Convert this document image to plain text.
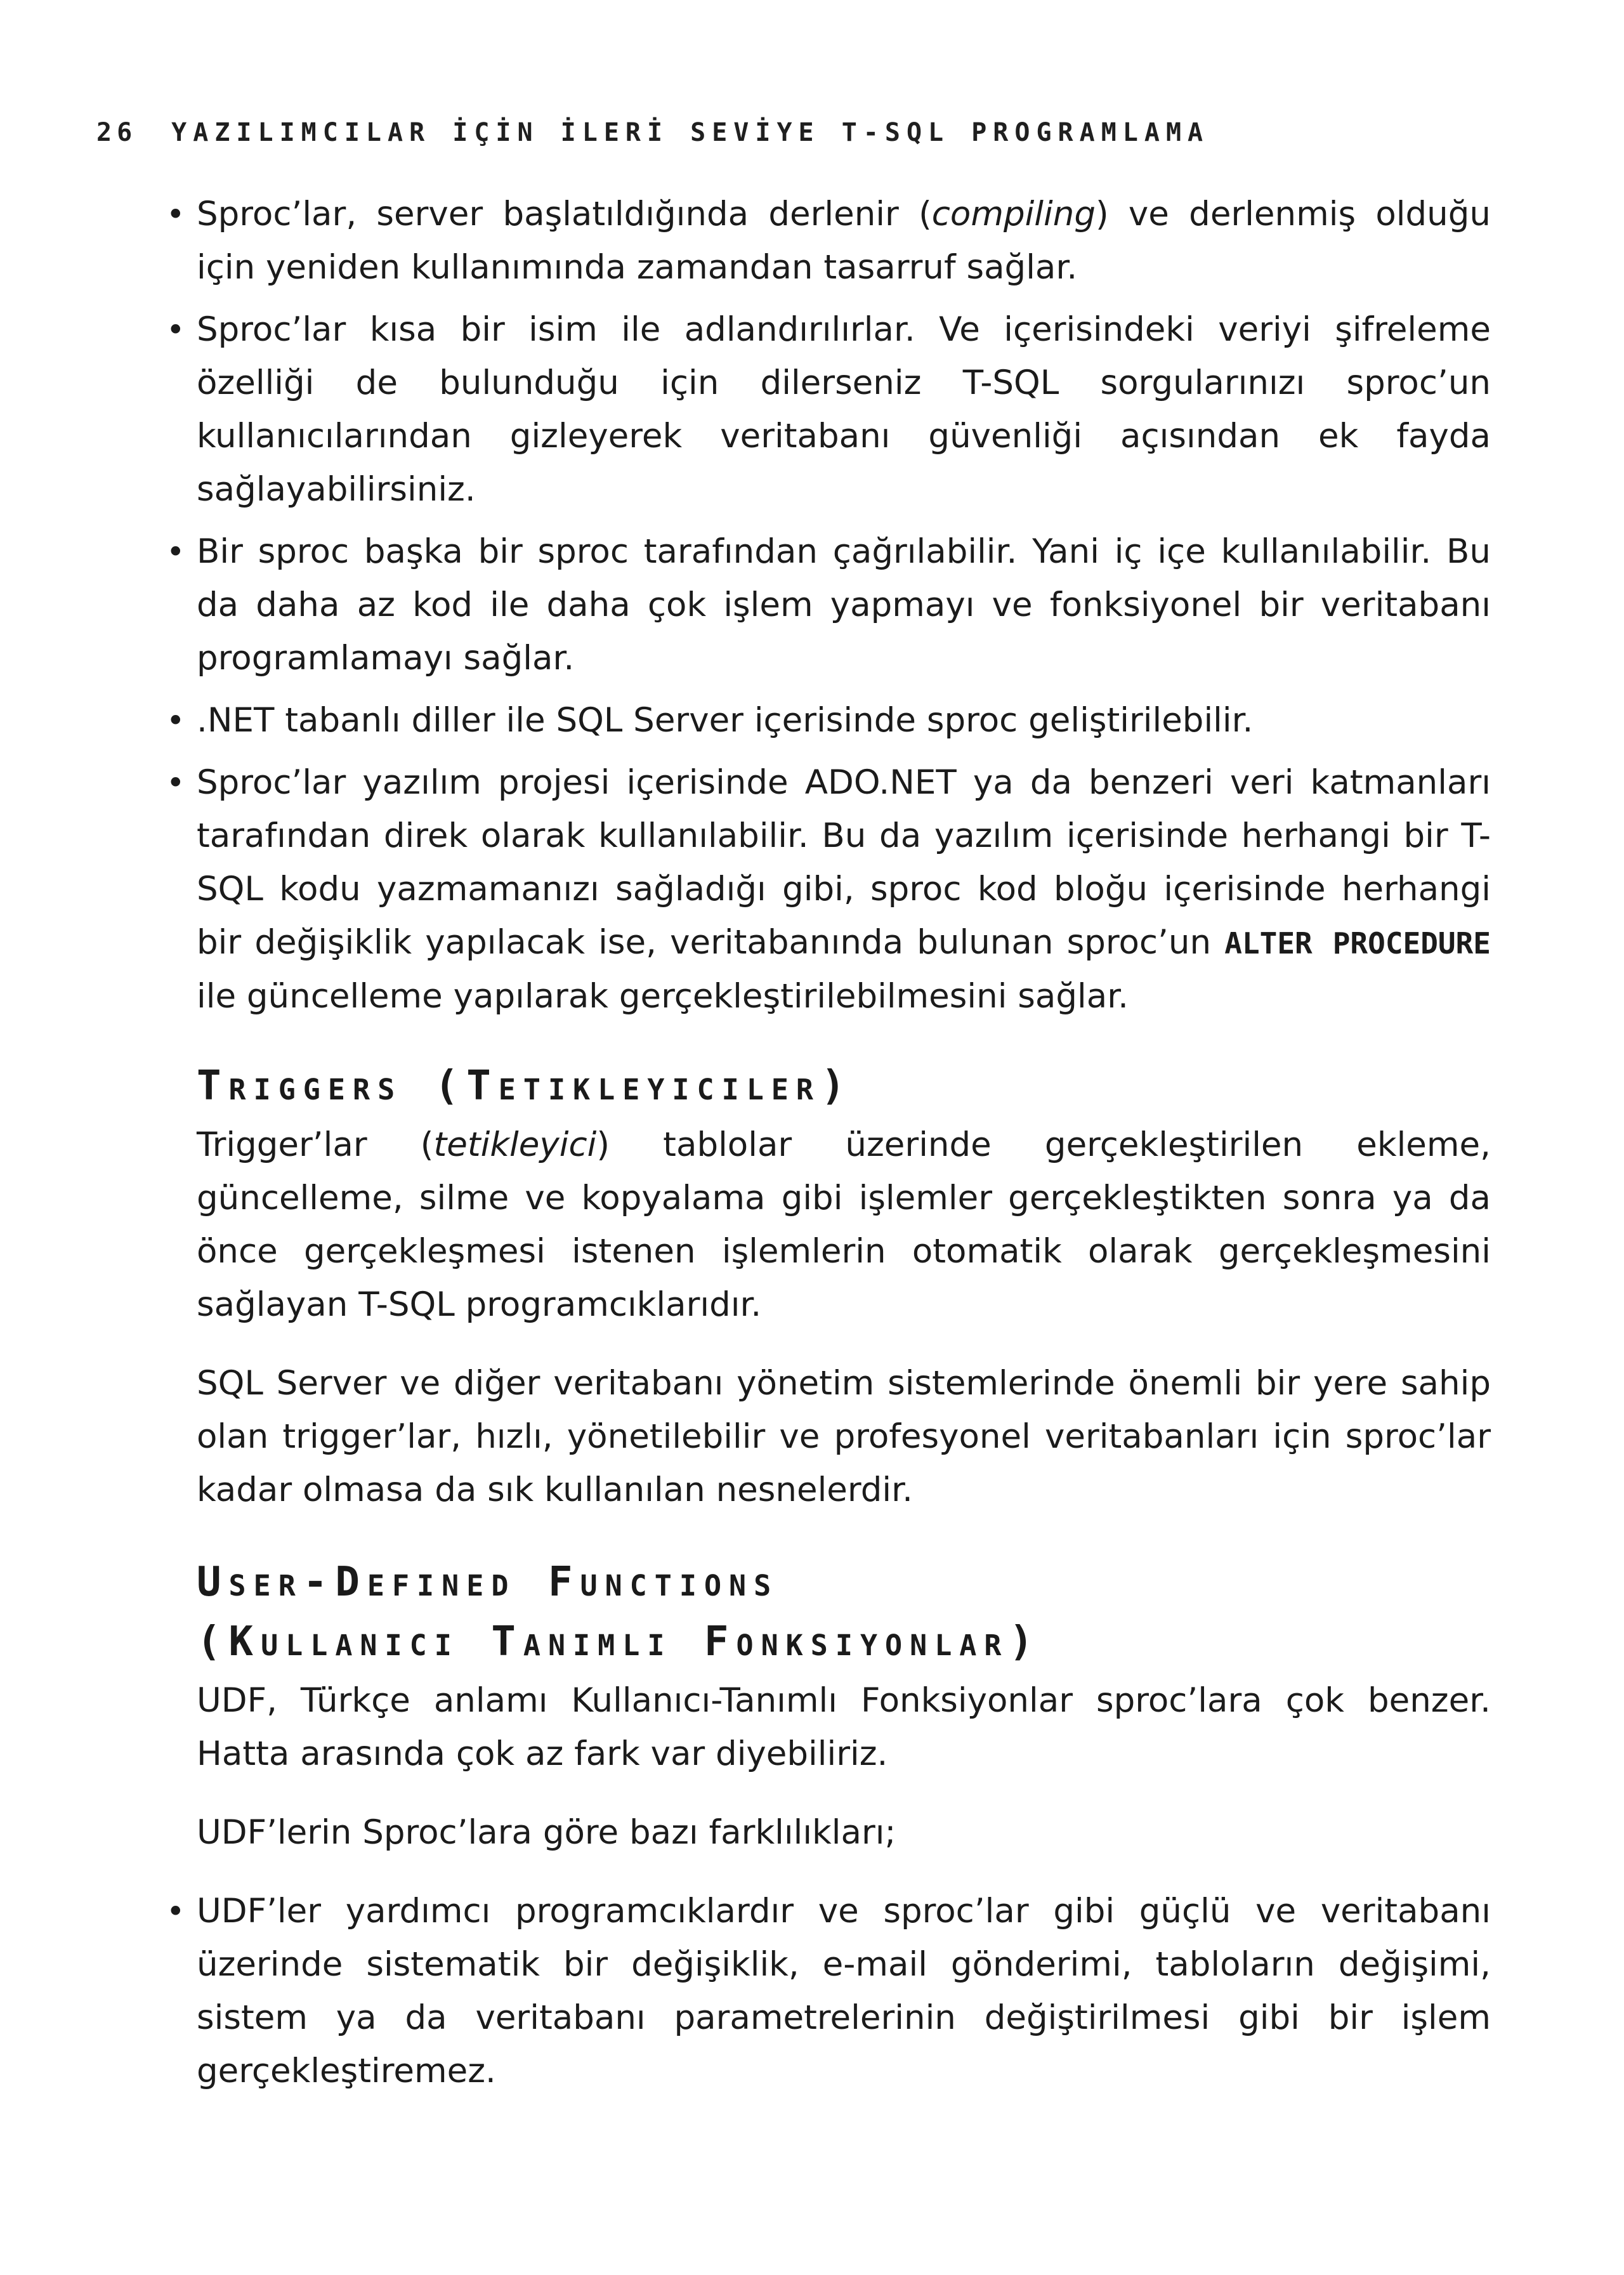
26 YAZILIMCILAR İÇİN İLERİ SEVİYE T-SQL PROGRAMLAMA
• Sproc’lar, server başlatıldığında derlenir (compiling) ve derlenmiş olduğu için yeniden kullanımında zamandan tasarruf sağlar.
• Sproc’lar kısa bir isim ile adlandırılırlar. Ve içerisindeki veriyi şifreleme özelliği de bulunduğu için dilerseniz T-SQL sorgularınızı sproc’un kullanıcılarından gizleyerek veritabanı güvenliği açısından ek fayda sağlayabilirsiniz.
• Bir sproc başka bir sproc tarafından çağrılabilir. Yani iç içe kullanılabilir. Bu da daha az kod ile daha çok işlem yapmayı ve fonksiyonel bir veritabanı programlamayı sağlar.
• .NET tabanlı diller ile SQL Server içerisinde sproc geliştirilebilir.
• Sproc’lar yazılım projesi içerisinde ADO.NET ya da benzeri veri katmanları tarafından direk olarak kullanılabilir. Bu da yazılım içerisinde herhangi bir T-SQL kodu yazmamanızı sağladığı gibi, sproc kod bloğu içerisinde herhangi bir değişiklik yapılacak ise, veritabanında bulunan sproc’un ALTER PROCEDURE ile güncelleme yapılarak gerçekleştirilebilmesini sağlar.
Triggers (Tetikleyiciler)
Trigger’lar (tetikleyici) tablolar üzerinde gerçekleştirilen ekleme, güncelleme, silme ve kopyalama gibi işlemler gerçekleştikten sonra ya da önce gerçekleşmesi istenen işlemlerin otomatik olarak gerçekleşmesini sağlayan T-SQL programcıklarıdır.
SQL Server ve diğer veritabanı yönetim sistemlerinde önemli bir yere sahip olan trigger’lar, hızlı, yönetilebilir ve profesyonel veritabanları için sproc’lar kadar olmasa da sık kullanılan nesnelerdir.
User-Defined Functions
(Kullanıcı Tanımlı Fonksiyonlar)
UDF, Türkçe anlamı Kullanıcı-Tanımlı Fonksiyonlar sproc’lara çok benzer. Hatta arasında çok az fark var diyebiliriz.
UDF’lerin Sproc’lara göre bazı farklılıkları;
• UDF’ler yardımcı programcıklardır ve sproc’lar gibi güçlü ve veritabanı üzerinde sistematik bir değişiklik, e-mail gönderimi, tabloların değişimi, sistem ya da veritabanı parametrelerinin değiştirilmesi gibi bir işlem gerçekleştiremez.
